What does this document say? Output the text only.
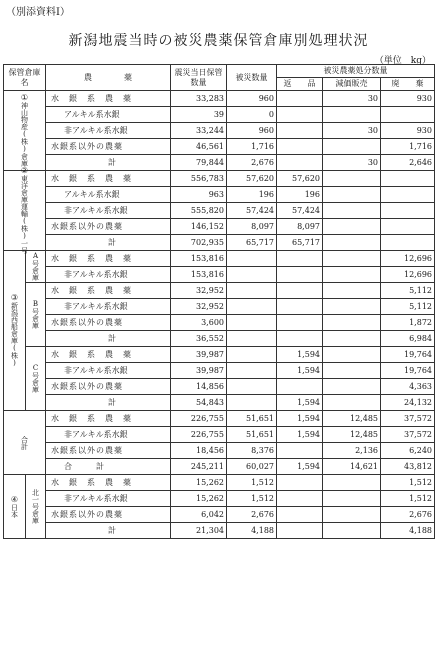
（別添資料Ⅰ）
新潟地震当時の被災農薬保管倉庫別処理状況
（単位　kg）
保管倉庫名		農　　　　薬	震災当日保管数量	被災数量	被災農薬処分数量		
					返　　品	減価販売	廃　　棄

①
神山物産(株)倉庫		水　銀　系　農　薬	33,283	960		30	930
		アルキル系水銀	39	0			
		非アルキル系水銀	33,244	960		30	930
		水銀系以外の農薬	46,561	1,716			1,716
		計	79,844	2,676		30	2,646

②
東洋倉庫運輸(株)一号		水　銀　系　農　薬	556,783	57,620	57,620		
		アルキル系水銀	963	196	196		
		非アルキル系水銀	555,820	57,424	57,424		
		水銀系以外の農薬	146,152	8,097	8,097		
		計	702,935	65,717	65,717		

③
新潟西船倉庫(株)	A号倉庫	水　銀　系　農　薬	153,816				12,696
		非アルキル系水銀	153,816				12,696

	B号倉庫	水　銀　系　農　薬	32,952				5,112
		非アルキル系水銀	32,952				5,112
		水銀系以外の農薬	3,600				1,872
		計	36,552				6,984

	C号倉庫	水　銀　系　農　薬	39,987		1,594		19,764
		非アルキル系水銀	39,987		1,594		19,764
		水銀系以外の農薬	14,856				4,363
		計	54,843		1,594		24,132

合計		水　銀　系　農　薬	226,755	51,651	1,594	12,485	37,572
		非アルキル系水銀	226,755	51,651	1,594	12,485	37,572
		水銀系以外の農薬	18,456	8,376		2,136	6,240
		合　　　計	245,211	60,027	1,594	14,621	43,812

④
日本	北一号倉庫	水　銀　系　農　薬	15,262	1,512			1,512
		非アルキル系水銀	15,262	1,512			1,512
		水銀系以外の農薬	6,042	2,676			2,676
		計	21,304	4,188			4,188
